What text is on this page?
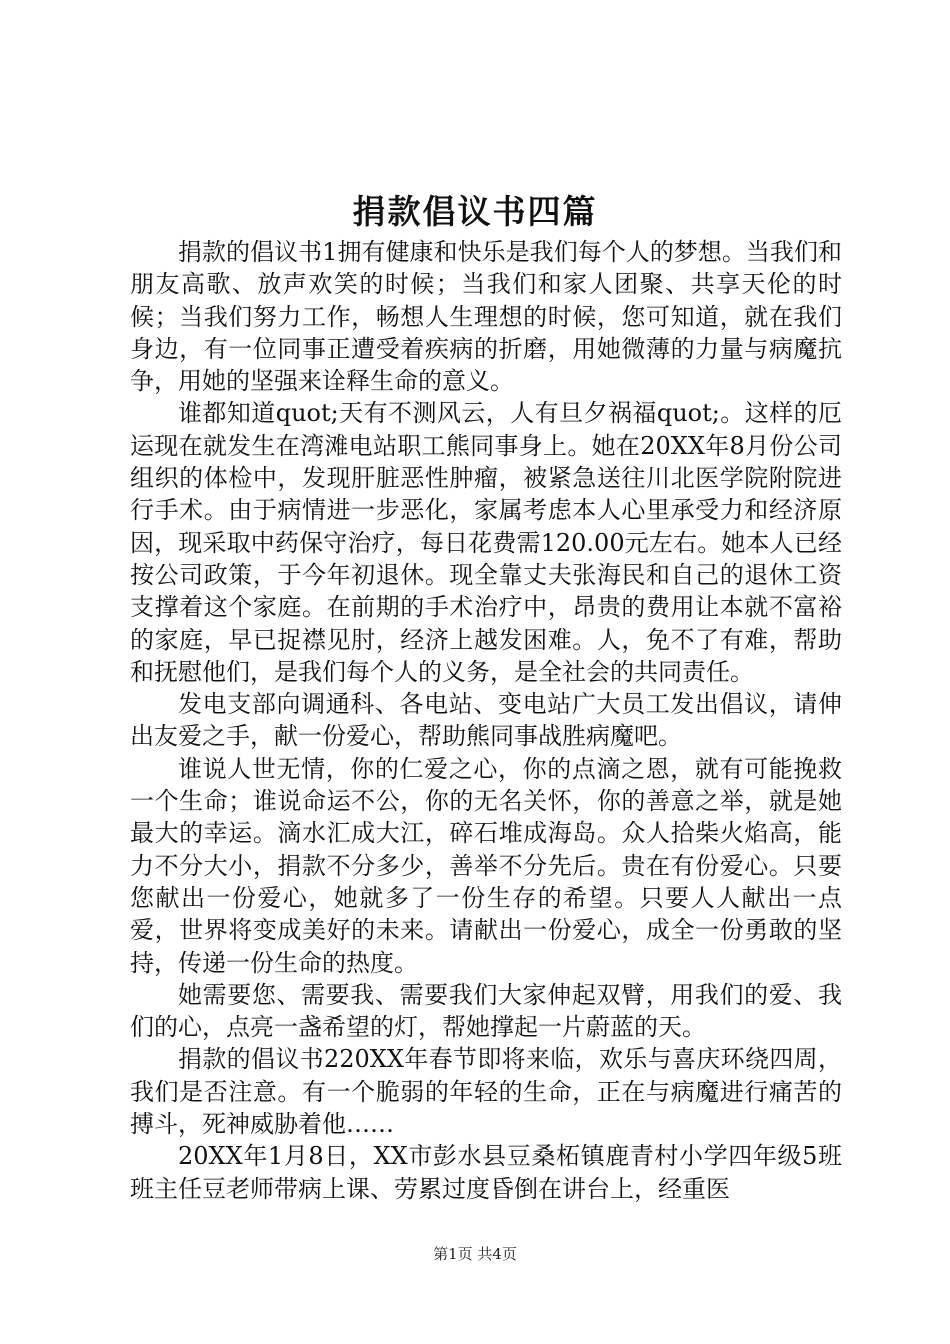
捐款倡议书四篇

捐款的倡议书1拥有健康和快乐是我们每个人的梦想。当我们和朋友高歌、放声欢笑的时候；当我们和家人团聚、共享天伦的时候；当我们努力工作，畅想人生理想的时候，您可知道，就在我们身边，有一位同事正遭受着疾病的折磨，用她微薄的力量与病魔抗争，用她的坚强来诠释生命的意义。

谁都知道quot;天有不测风云，人有旦夕祸福quot;。这样的厄运现在就发生在湾滩电站职工熊同事身上。她在20XX年8月份公司组织的体检中，发现肝脏恶性肿瘤，被紧急送往川北医学院附院进行手术。由于病情进一步恶化，家属考虑本人心里承受力和经济原因，现采取中药保守治疗，每日花费需120.00元左右。她本人已经按公司政策，于今年初退休。现全靠丈夫张海民和自己的退休工资支撑着这个家庭。在前期的手术治疗中，昂贵的费用让本就不富裕的家庭，早已捉襟见肘，经济上越发困难。人，免不了有难，帮助和抚慰他们，是我们每个人的义务，是全社会的共同责任。

发电支部向调通科、各电站、变电站广大员工发出倡议，请伸出友爱之手，献一份爱心，帮助熊同事战胜病魔吧。

谁说人世无情，你的仁爱之心，你的点滴之恩，就有可能挽救一个生命；谁说命运不公，你的无名关怀，你的善意之举，就是她最大的幸运。滴水汇成大江，碎石堆成海岛。众人拾柴火焰高，能力不分大小，捐款不分多少，善举不分先后。贵在有份爱心。只要您献出一份爱心，她就多了一份生存的希望。只要人人献出一点爱，世界将变成美好的未来。请献出一份爱心，成全一份勇敢的坚持，传递一份生命的热度。

她需要您、需要我、需要我们大家伸起双臂，用我们的爱、我们的心，点亮一盏希望的灯，帮她撑起一片蔚蓝的天。

捐款的倡议书220XX年春节即将来临，欢乐与喜庆环绕四周，我们是否注意。有一个脆弱的年轻的生命，正在与病魔进行痛苦的搏斗，死神威胁着他……

20XX年1月8日，XX市彭水县豆桑柘镇鹿青村小学四年级5班班主任豆老师带病上课、劳累过度昏倒在讲台上，经重医

第1页 共4页
